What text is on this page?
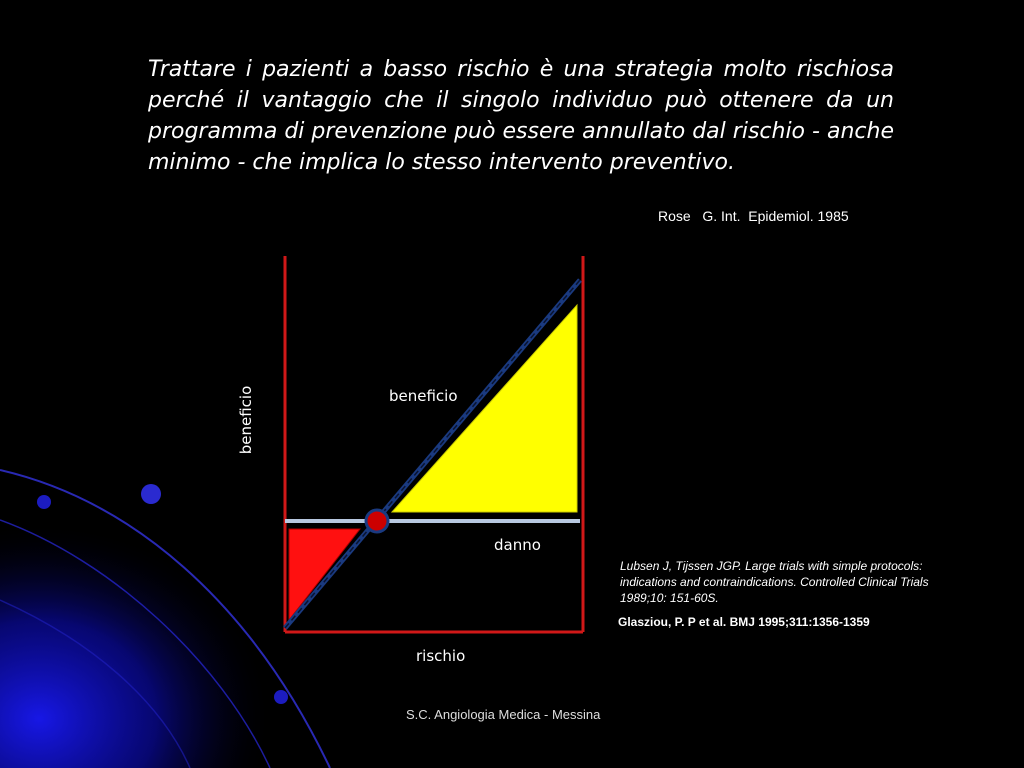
Trattare i pazienti a basso rischio è una strategia molto rischiosa perché il vantaggio che il singolo individuo può ottenere da un programma di prevenzione può essere annullato dal rischio - anche minimo - che implica lo stesso intervento preventivo.
Rose   G. Int.  Epidemiol. 1985
beneficio	beneficio
danno
rischio
Lubsen J, Tijssen JGP. Large trials with simple protocols: indications and contraindications. Controlled Clinical Trials 1989;10: 151-60S.
Glasziou, P. P et al. BMJ 1995;311:1356-1359
S.C. Angiologia Medica - Messina
